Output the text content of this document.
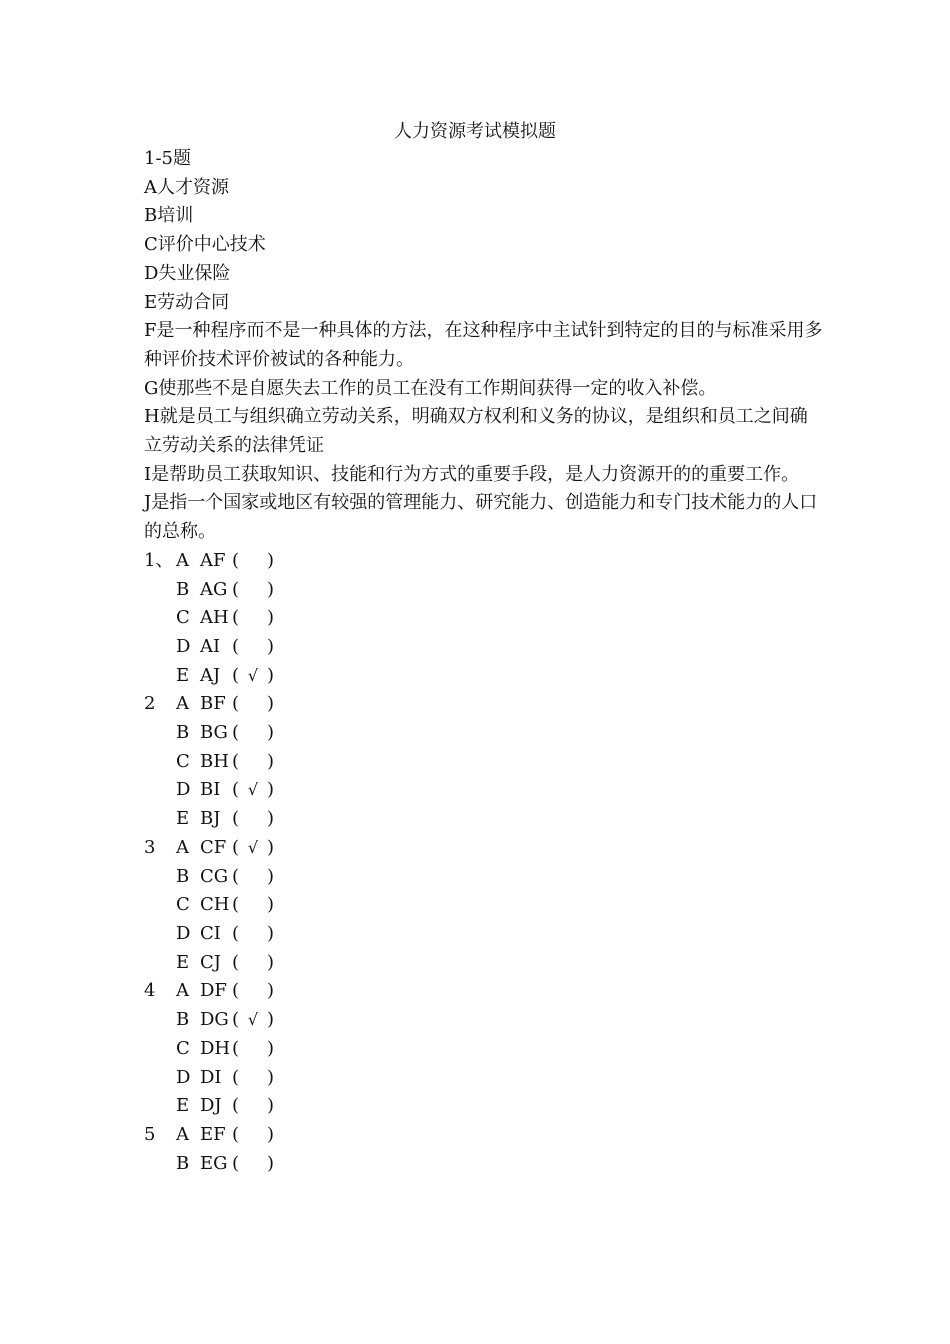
人力资源考试模拟题
1-5题
A人才资源
B培训
C评价中心技术
D失业保险
E劳动合同
F是一种程序而不是一种具体的方法，在这种程序中主试针到特定的目的与标准采用多种评价技术评价被试的各种能力。
G使那些不是自愿失去工作的员工在没有工作期间获得一定的收入补偿。
H就是员工与组织确立劳动关系，明确双方权利和义务的协议，是组织和员工之间确立劳动关系的法律凭证
I是帮助员工获取知识、技能和行为方式的重要手段，是人力资源开的的重要工作。
J是指一个国家或地区有较强的管理能力、研究能力、创造能力和专门技术能力的人口的总称。
1、 A AF ( )
B AG ( )
C AH ( )
D AI ( )
E AJ ( √ )
2 A BF ( )
B BG ( )
C BH ( )
D BI ( √ )
E BJ ( )
3 A CF ( √ )
B CG ( )
C CH ( )
D CI ( )
E CJ ( )
4 A DF ( )
B DG ( √ )
C DH ( )
D DI ( )
E DJ ( )
5 A EF ( )
B EG ( )
